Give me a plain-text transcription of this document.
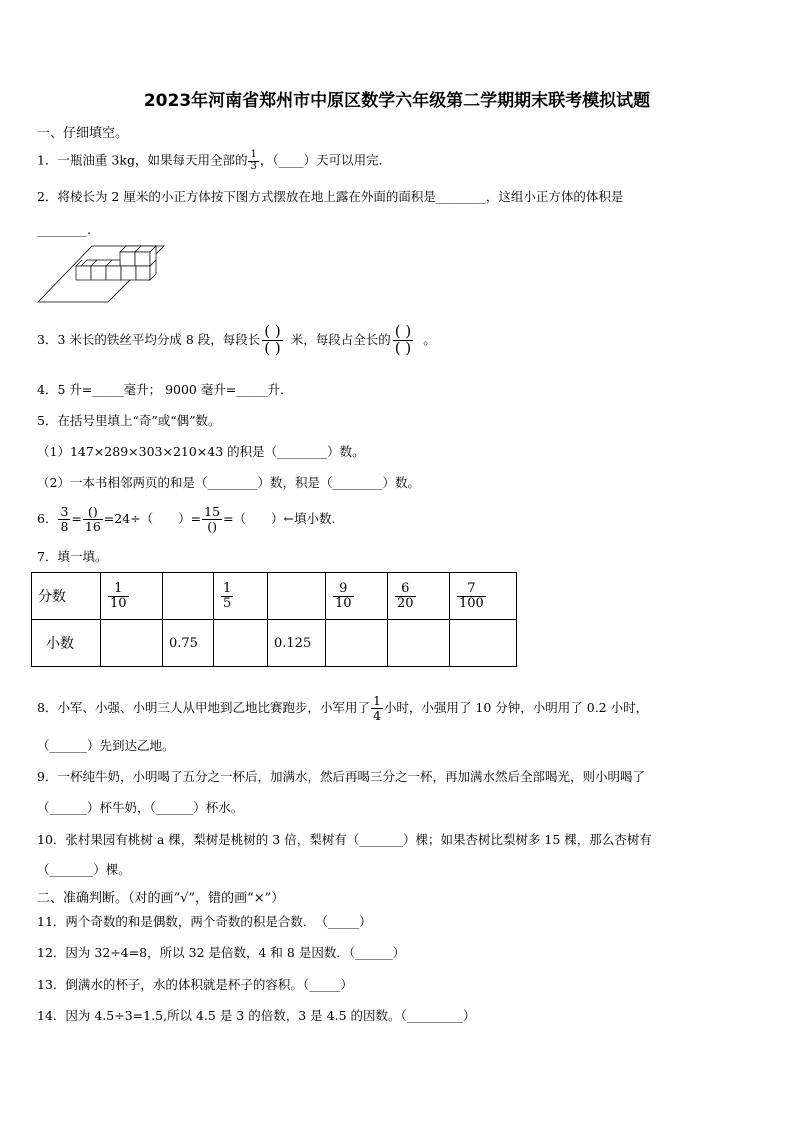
2023年河南省郑州市中原区数学六年级第二学期期末联考模拟试题
一、仔细填空。
1．一瓶油重 3kg，如果每天用全部的 $\frac{1}{3}$ ，（____）天可以用完．
2．将棱长为 2 厘米的小正方体按下图方式摆放在地上露在外面的面积是________，这组小正方体的体积是
________.
3．3 米长的铁丝平均分成 8 段，每段长 $\frac{( )}{( )}$ 米，每段占全长的 $\frac{( )}{( )}$ 。
4．5 升=_____毫升； 9000 毫升=_____升．
5．在括号里填上“奇”或“偶”数。
（1）147×289×303×210×43 的积是（________）数。
（2）一本书相邻两页的和是（________）数，积是（________）数。
6． $\frac{3}{8} = \frac{()}{16} =24\div$（　　）= $\frac{15}{()}$ =（　　）←填小数.
7．填一填。
分数	$\frac{1}{10}$		$\frac{1}{5}$		$\frac{9}{10}$	$\frac{6}{20}$	$\frac{7}{100}$

小数		0.75		0.125			

8．小军、小强、小明三人从甲地到乙地比赛跑步，小军用了 $\frac{1}{4}$ 小时，小强用了 10 分钟，小明用了 0.2 小时，
（______）先到达乙地。
9．一杯纯牛奶，小明喝了五分之一杯后，加满水，然后再喝三分之一杯，再加满水然后全部喝光，则小明喝了
（______）杯牛奶，（______）杯水。
10．张村果园有桃树 a 棵，梨树是桃树的 3 倍，梨树有（_______）棵；如果杏树比梨树多 15 棵，那么杏树有
（_______）棵。
二、准确判断。（对的画“√”，错的画“×”）
11．两个奇数的和是偶数，两个奇数的积是合数．　（_____）
12．因为 32÷4=8，所以 32 是倍数，4 和 8 是因数．（______）
13．倒满水的杯子，水的体积就是杯子的容积。（_____）
14．因为 4.5÷3=1.5,所以 4.5 是 3 的倍数，3 是 4.5 的因数。（_________）
